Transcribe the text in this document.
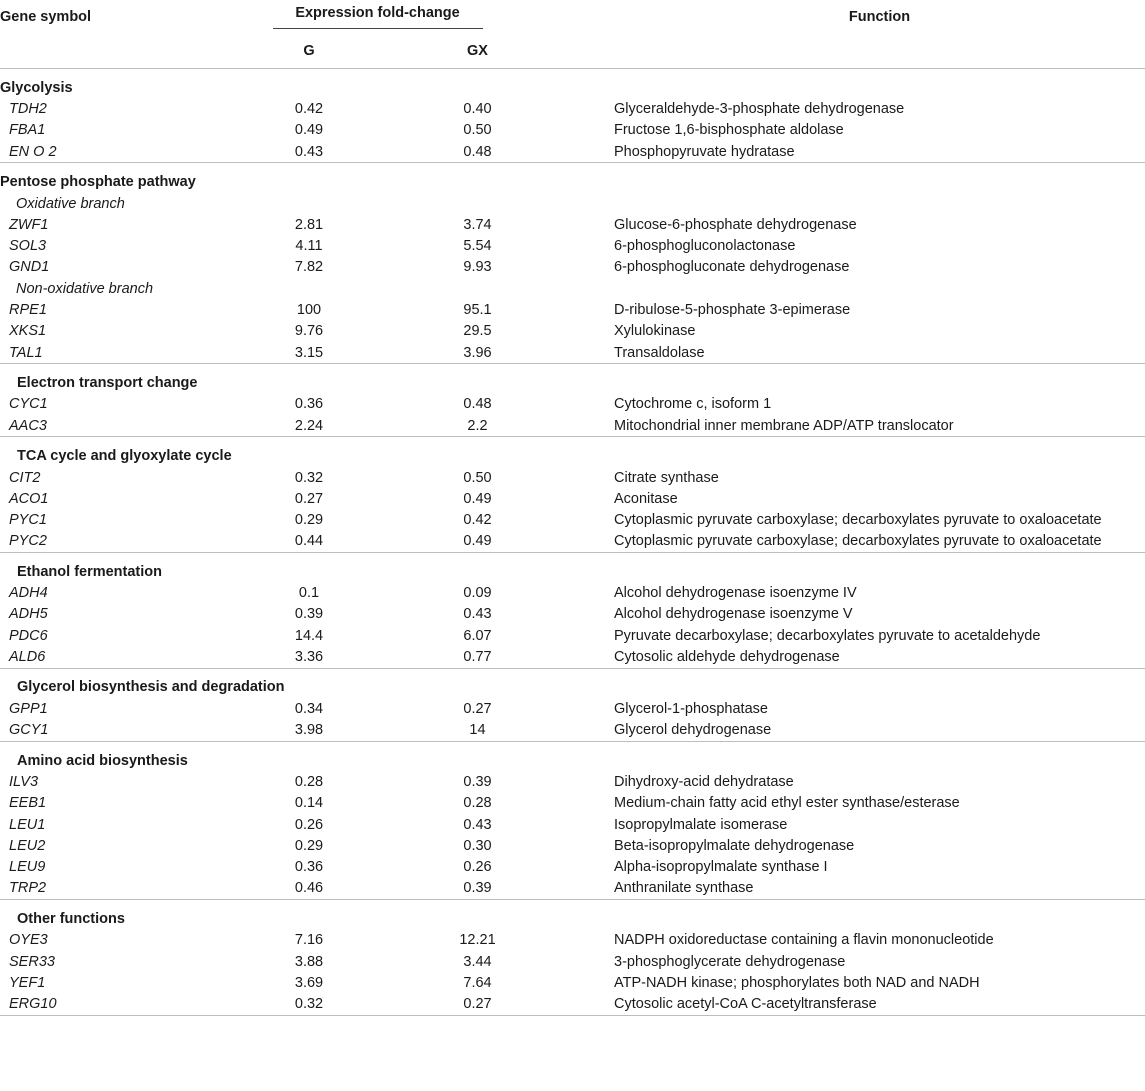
Gene symbol	Expression fold-change			Function
	G	GX		
Glycolysis				
TDH2	0.42	0.40		Glyceraldehyde-3-phosphate dehydrogenase
FBA1	0.49	0.50		Fructose 1,6-bisphosphate aldolase
EN O 2	0.43	0.48		Phosphopyruvate hydratase
Pentose phosphate pathway				
Oxidative branch				
ZWF1	2.81	3.74		Glucose-6-phosphate dehydrogenase
SOL3	4.11	5.54		6-phosphogluconolactonase
GND1	7.82	9.93		6-phosphogluconate dehydrogenase
Non-oxidative branch				
RPE1	100	95.1		D-ribulose-5-phosphate 3-epimerase
XKS1	9.76	29.5		Xylulokinase
TAL1	3.15	3.96		Transaldolase
Electron transport change				
CYC1	0.36	0.48		Cytochrome c, isoform 1
AAC3	2.24	2.2		Mitochondrial inner membrane ADP/ATP translocator
TCA cycle and glyoxylate cycle				
CIT2	0.32	0.50		Citrate synthase
ACO1	0.27	0.49		Aconitase
PYC1	0.29	0.42		Cytoplasmic pyruvate carboxylase; decarboxylates pyruvate to oxaloacetate
PYC2	0.44	0.49		Cytoplasmic pyruvate carboxylase; decarboxylates pyruvate to oxaloacetate
Ethanol fermentation				
ADH4	0.1	0.09		Alcohol dehydrogenase isoenzyme IV
ADH5	0.39	0.43		Alcohol dehydrogenase isoenzyme V
PDC6	14.4	6.07		Pyruvate decarboxylase; decarboxylates pyruvate to acetaldehyde
ALD6	3.36	0.77		Cytosolic aldehyde dehydrogenase
Glycerol biosynthesis and degradation				
GPP1	0.34	0.27		Glycerol-1-phosphatase
GCY1	3.98	14		Glycerol dehydrogenase
Amino acid biosynthesis				
ILV3	0.28	0.39		Dihydroxy-acid dehydratase
EEB1	0.14	0.28		Medium-chain fatty acid ethyl ester synthase/esterase
LEU1	0.26	0.43		Isopropylmalate isomerase
LEU2	0.29	0.30		Beta-isopropylmalate dehydrogenase
LEU9	0.36	0.26		Alpha-isopropylmalate synthase I
TRP2	0.46	0.39		Anthranilate synthase
Other functions				
OYE3	7.16	12.21		NADPH oxidoreductase containing a flavin mononucleotide
SER33	3.88	3.44		3-phosphoglycerate dehydrogenase
YEF1	3.69	7.64		ATP-NADH kinase; phosphorylates both NAD and NADH
ERG10	0.32	0.27		Cytosolic acetyl-CoA C-acetyltransferase
